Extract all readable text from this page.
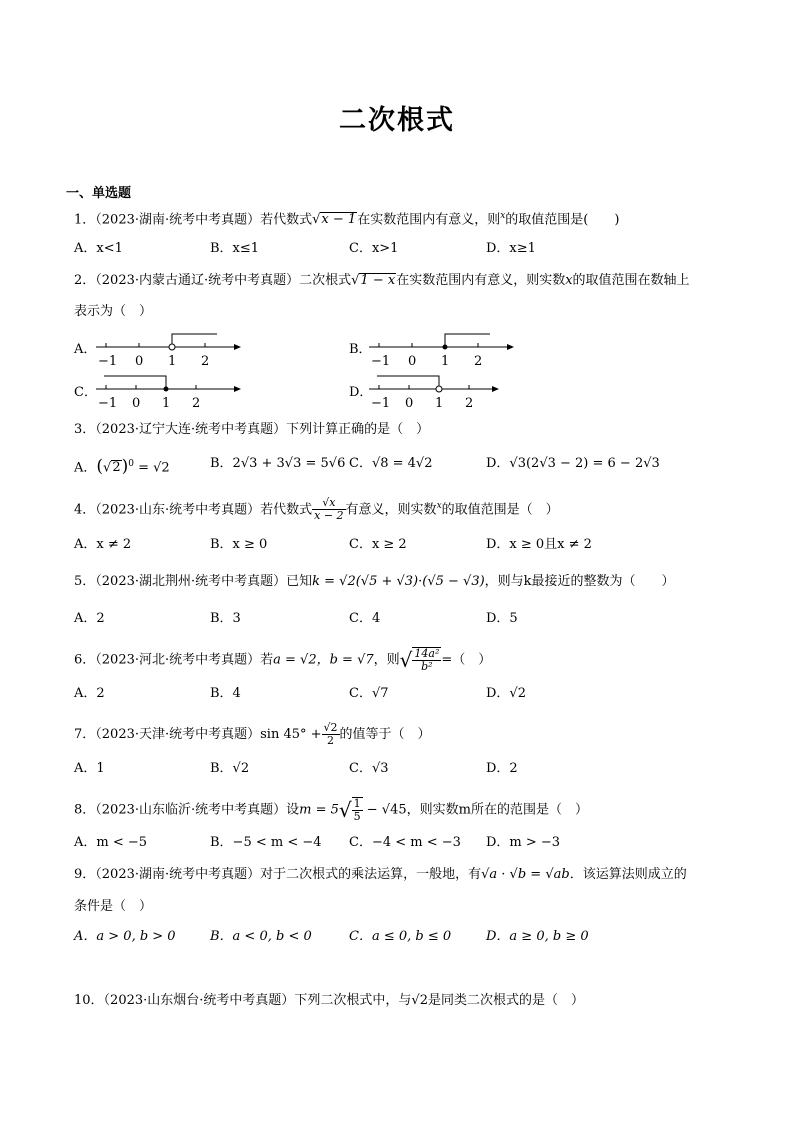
二次根式
一、单选题
1．（2023·湖南·统考中考真题）若代数式√x − 1在实数范围内有意义，则$^x$的取值范围是(　　)
A．x<1	B．x≤1	C．x>1	D．x≥1
2．（2023·内蒙古通辽·统考中考真题）二次根式√1 − x在实数范围内有意义，则实数x的取值范围在数轴上
表示为（　）
A．
−1 0 1 2
B．
−1 0 1 2
C．
−1 0 1 2
D．
−1 0 1 2
3．（2023·辽宁大连·统考中考真题）下列计算正确的是（　）
A．$(√2)^0 = √2$	B．2√3 + 3√3 = 5√6 C．√8 = 4√2	D．√3(2√3 − 2) = 6 − 2√3
4．（2023·山东·统考中考真题）若代数式 $\frac{√x}{x - 2}$ 有意义，则实数$^x$的取值范围是（　）
A．x ≠ 2	B．x ≥ 0	C．x ≥ 2	D．x ≥ 0且x ≠ 2
5．（2023·湖北荆州·统考中考真题）已知k = √2(√5 + √3)·(√5 − √3)，则与k最接近的整数为（　　）
A．2	B．3	C．4	D．5
6．（2023·河北·统考中考真题）若a = √2，b = √7，则√ $\frac{\text{14a²}}{\text{b²}}$ =（　）
A．2	B．4	C．√7	D．√2
7．（2023·天津·统考中考真题）sin $45^\circ + \frac{√2}{2}$ 的值等于（　）
A．1	B．√2	C．√3	D．2
8．（2023·山东临沂·统考中考真题）设$m = 5√ \frac{1}{5} - √45$，则实数m所在的范围是（　）
A．m < −5	B．−5 < m < −4 C．−4 < m < −3 D．m > −3
9．（2023·湖南·统考中考真题）对于二次根式的乘法运算，一般地，有√a · √b = √ab．该运算法则成立的
条件是（　）
A．a > 0, b > 0	B．a < 0, b < 0	C．a ≤ 0, b ≤ 0	D．a ≥ 0, b ≥ 0
10．（2023·山东烟台·统考中考真题）下列二次根式中，与√2是同类二次根式的是（　）
